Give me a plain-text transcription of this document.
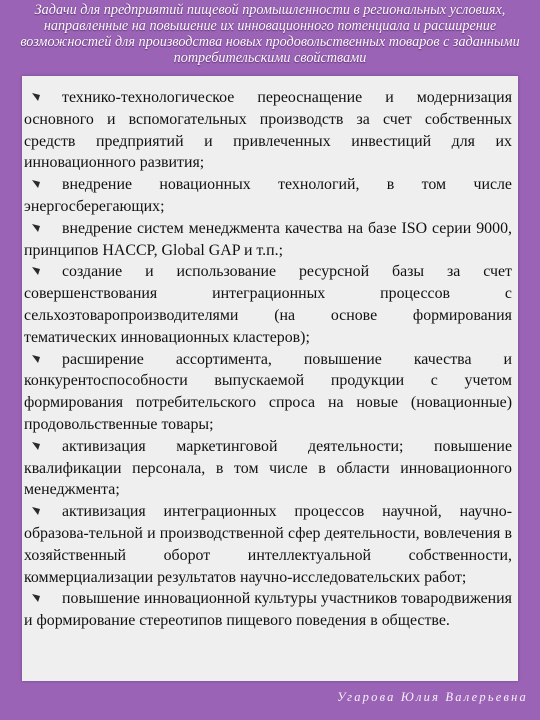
Задачи для предприятий пищевой промышленности в региональных условиях, направленные на повышение их инновационного потенциала и расширение возможностей для производства новых продовольственных товаров с заданными потребительскими свойствами
технико-технологическое переоснащение и модернизация основного и вспомогательных производств за счет собственных средств предприятий и привлеченных инвестиций для их инновационного развития;
внедрение новационных технологий, в том числе энергосберегающих;
внедрение систем менеджмента качества на базе ISO серии 9000, принципов HACCP, Global GAP и т.п.;
создание и использование ресурсной базы за счет совершенствования интеграционных процессов с сельхозтоваропроизводителями (на основе формирования тематических инновационных кластеров);
расширение ассортимента, повышение качества и конкурентоспособности выпускаемой продукции с учетом формирования потребительского спроса на новые (новационные) продовольственные товары;
активизация маркетинговой деятельности; повышение квалификации персонала, в том числе в области инновационного менеджмента;
активизация интеграционных процессов научной, научно-образова-тельной и производственной сфер деятельности, вовлечения в хозяйственный оборот интеллектуальной собственности, коммерциализации результатов научно-исследовательских работ;
повышение инновационной культуры участников товародвижения и формирование стереотипов пищевого поведения в обществе.
Угарова Юлия Валерьевна
